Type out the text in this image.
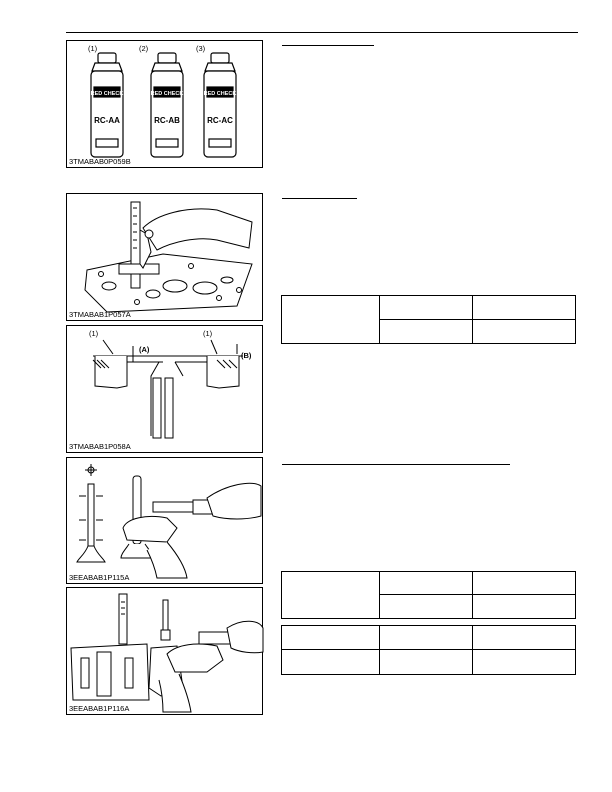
(1)	(2)	(3)
RED CHECK	RED CHECK	RED CHECK
RC-AA	RC-AB	RC-AC
3TMABAB0P059B
3TMABAB1P057A
(1)	(1)
(A)
(B)
3TMABAB1P058A
3EEABAB1P115A
3EEABAB1P116A
